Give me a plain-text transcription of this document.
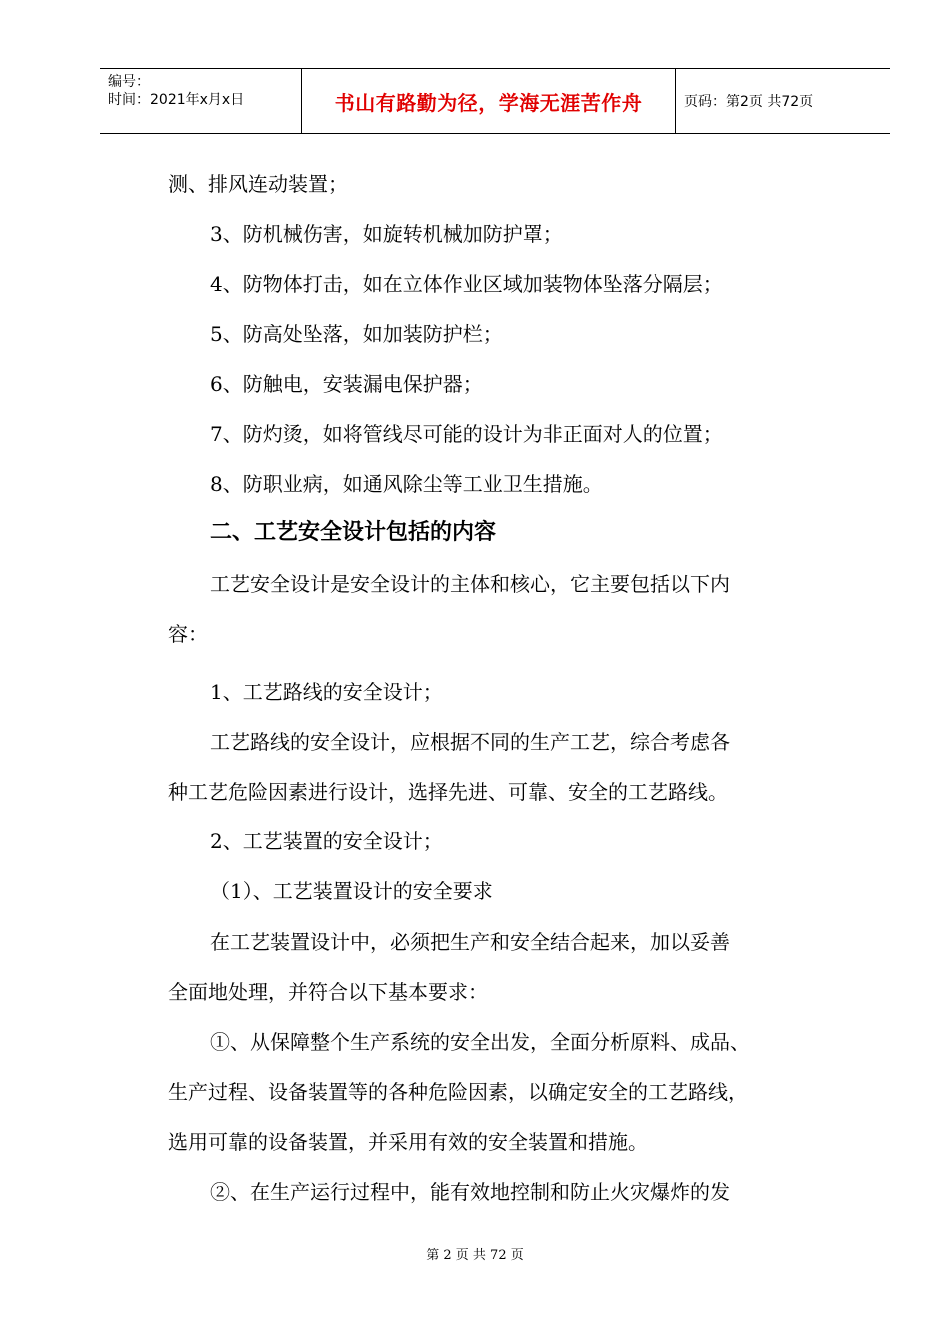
编号：
时间：2021年x月x日	书山有路勤为径，学海无涯苦作舟	页码：第2页 共72页
测、排风连动装置；
3、防机械伤害，如旋转机械加防护罩；
4、防物体打击，如在立体作业区域加装物体坠落分隔层；
5、防高处坠落，如加装防护栏；
6、防触电，安装漏电保护器；
7、防灼烫，如将管线尽可能的设计为非正面对人的位置；
8、防职业病，如通风除尘等工业卫生措施。
二、工艺安全设计包括的内容
工艺安全设计是安全设计的主体和核心，它主要包括以下内
容：
1、工艺路线的安全设计；
工艺路线的安全设计，应根据不同的生产工艺，综合考虑各
种工艺危险因素进行设计，选择先进、可靠、安全的工艺路线。
2、工艺装置的安全设计；
（1）、工艺装置设计的安全要求
在工艺装置设计中，必须把生产和安全结合起来，加以妥善
全面地处理，并符合以下基本要求：
①、从保障整个生产系统的安全出发，全面分析原料、成品、
生产过程、设备装置等的各种危险因素，以确定安全的工艺路线，
选用可靠的设备装置，并采用有效的安全装置和措施。
②、在生产运行过程中，能有效地控制和防止火灾爆炸的发
第 2 页 共 72 页
